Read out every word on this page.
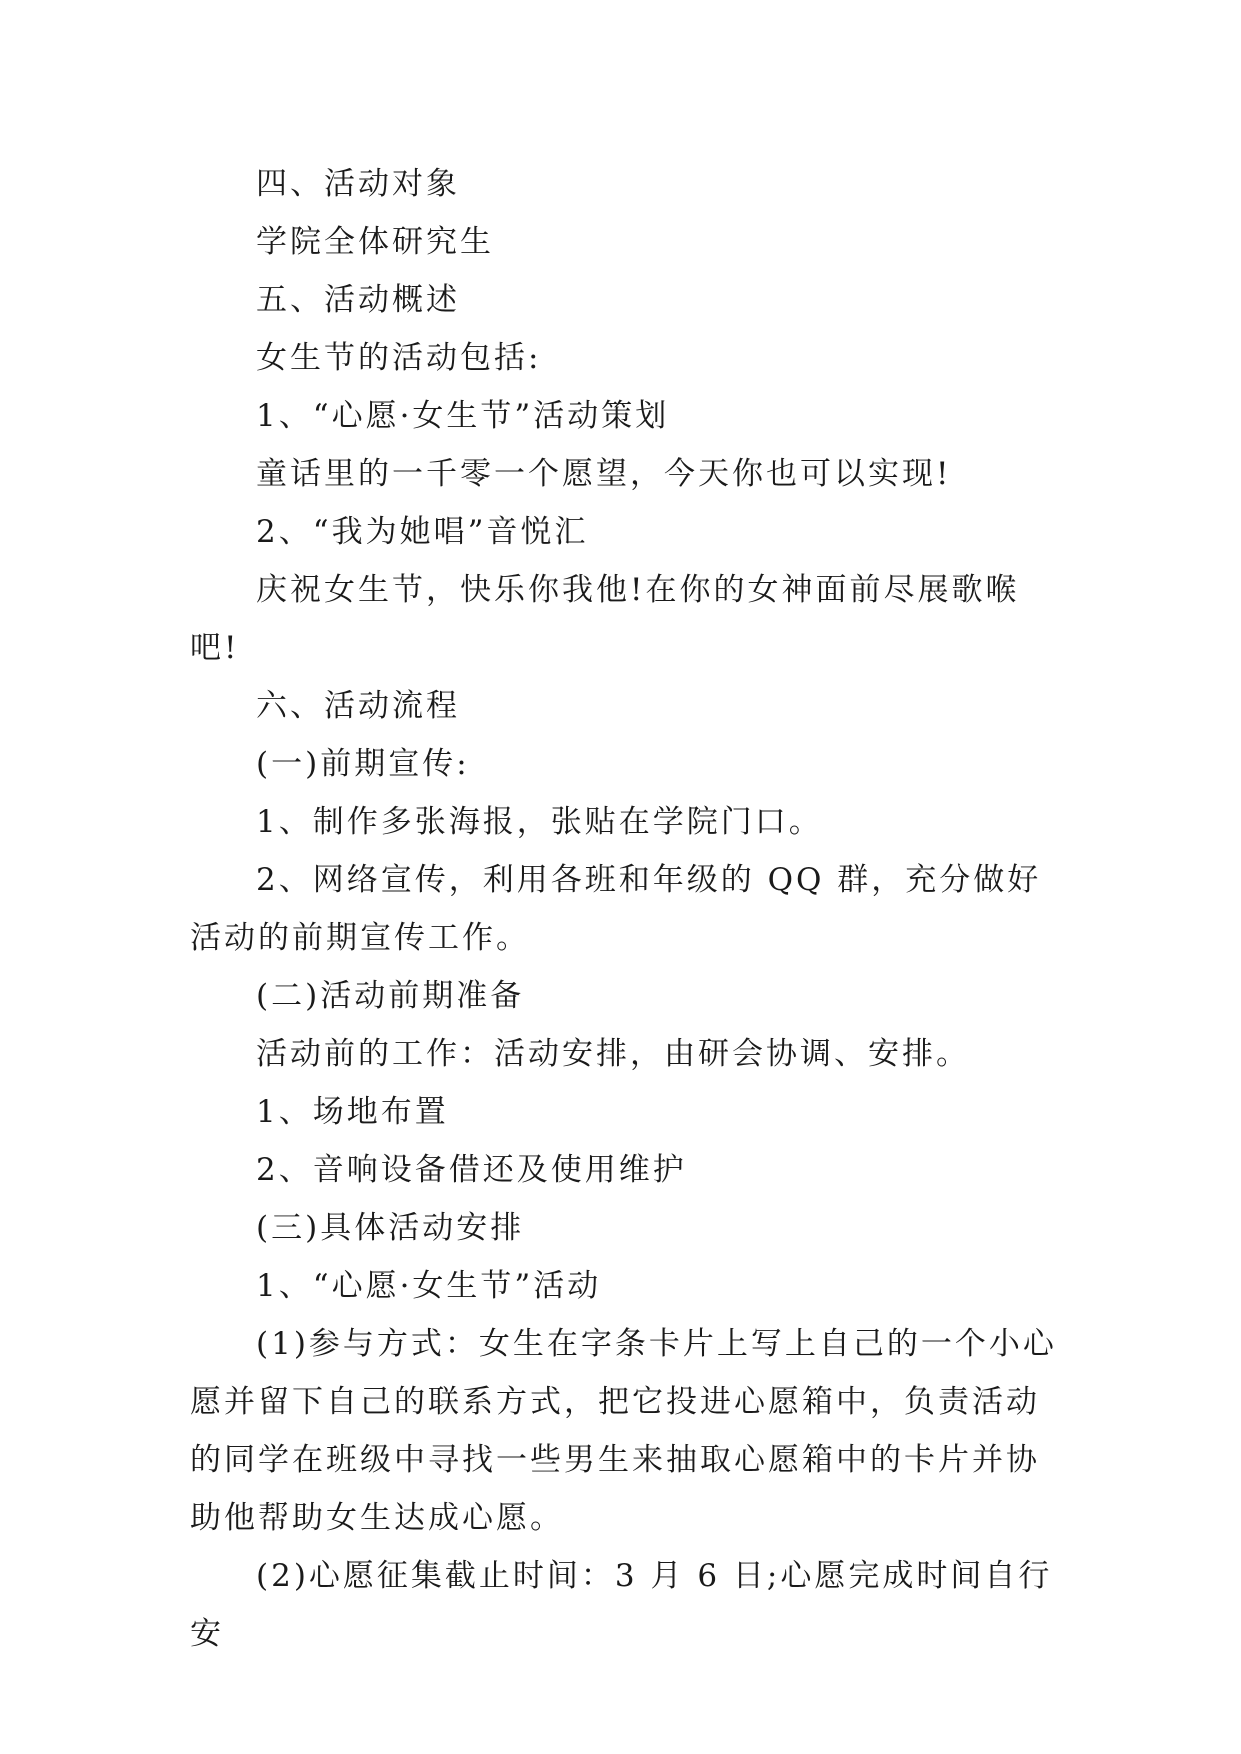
四、活动对象

学院全体研究生

五、活动概述

女生节的活动包括:

1、“心愿·女生节”活动策划

童话里的一千零一个愿望，今天你也可以实现!

2、“我为她唱”音悦汇

庆祝女生节，快乐你我他!在你的女神面前尽展歌喉吧!

六、活动流程

(一)前期宣传:

1、制作多张海报，张贴在学院门口。

2、网络宣传，利用各班和年级的 QQ 群，充分做好活动的前期宣传工作。

(二)活动前期准备

活动前的工作：活动安排，由研会协调、安排。

1、场地布置

2、音响设备借还及使用维护

(三)具体活动安排

1、“心愿·女生节”活动

(1)参与方式：女生在字条卡片上写上自己的一个小心愿并留下自己的联系方式，把它投进心愿箱中，负责活动的同学在班级中寻找一些男生来抽取心愿箱中的卡片并协助他帮助女生达成心愿。

(2)心愿征集截止时间：3 月 6 日;心愿完成时间自行安
